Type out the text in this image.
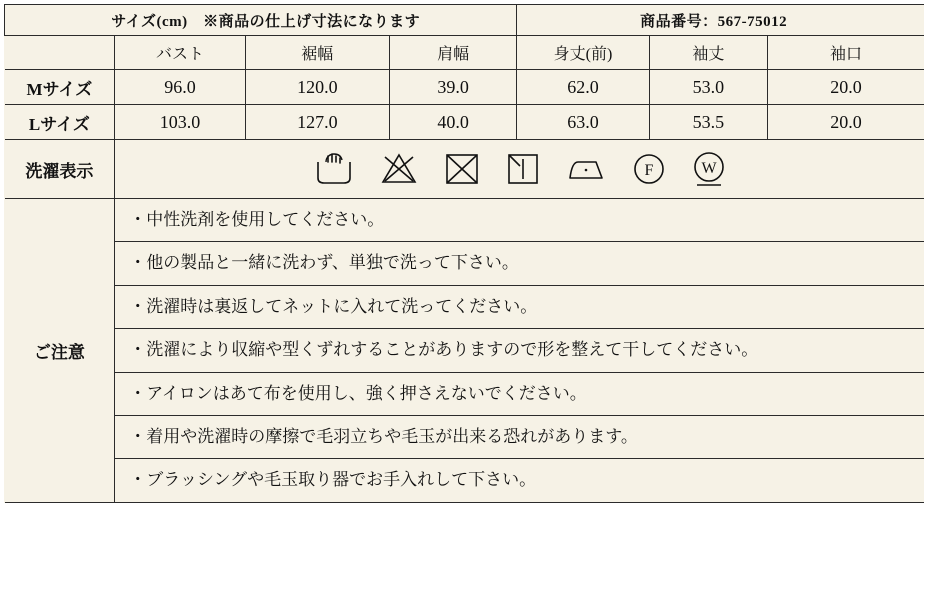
サイズ(cm)　※商品の仕上げ寸法になります				商品番号：567-75012		
	バスト	裾幅	肩幅	身丈(前)	袖丈	袖口
Mサイズ	96.0	120.0	39.0	62.0	53.0	20.0
Lサイズ	103.0	127.0	40.0	63.0	53.5	20.0
洗濯表示	F W					

ご注意	
・中性洗剤を使用してください。
・他の製品と一緒に洗わず、単独で洗って下さい。
・洗濯時は裏返してネットに入れて洗ってください。
・洗濯により収縮や型くずれすることがありますので形を整えて干してください。
・アイロンはあて布を使用し、強く押さえないでください。
・着用や洗濯時の摩擦で毛羽立ちや毛玉が出来る恐れがあります。
・ブラッシングや毛玉取り器でお手入れして下さい。
